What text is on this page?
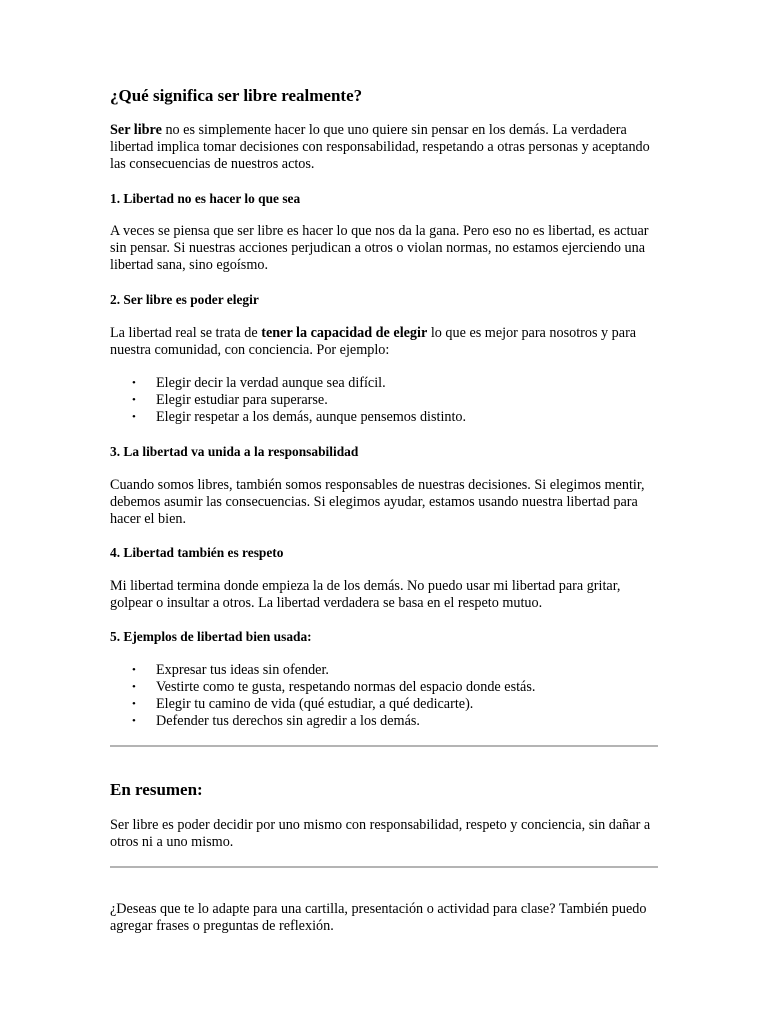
¿Qué significa ser libre realmente?

Ser libre no es simplemente hacer lo que uno quiere sin pensar en los demás. La verdadera libertad implica tomar decisiones con responsabilidad, respetando a otras personas y aceptando las consecuencias de nuestros actos.

1. Libertad no es hacer lo que sea

A veces se piensa que ser libre es hacer lo que nos da la gana. Pero eso no es libertad, es actuar sin pensar. Si nuestras acciones perjudican a otros o violan normas, no estamos ejerciendo una libertad sana, sino egoísmo.

2. Ser libre es poder elegir

La libertad real se trata de tener la capacidad de elegir lo que es mejor para nosotros y para nuestra comunidad, con conciencia. Por ejemplo:

• Elegir decir la verdad aunque sea difícil.
• Elegir estudiar para superarse.
• Elegir respetar a los demás, aunque pensemos distinto.
3. La libertad va unida a la responsabilidad

Cuando somos libres, también somos responsables de nuestras decisiones. Si elegimos mentir, debemos asumir las consecuencias. Si elegimos ayudar, estamos usando nuestra libertad para hacer el bien.

4. Libertad también es respeto

Mi libertad termina donde empieza la de los demás. No puedo usar mi libertad para gritar, golpear o insultar a otros. La libertad verdadera se basa en el respeto mutuo.

5. Ejemplos de libertad bien usada:
• Expresar tus ideas sin ofender.
• Vestirte como te gusta, respetando normas del espacio donde estás.
• Elegir tu camino de vida (qué estudiar, a qué dedicarte).
• Defender tus derechos sin agredir a los demás.
En resumen:

Ser libre es poder decidir por uno mismo con responsabilidad, respeto y conciencia, sin dañar a otros ni a uno mismo.

¿Deseas que te lo adapte para una cartilla, presentación o actividad para clase? También puedo agregar frases o preguntas de reflexión.
